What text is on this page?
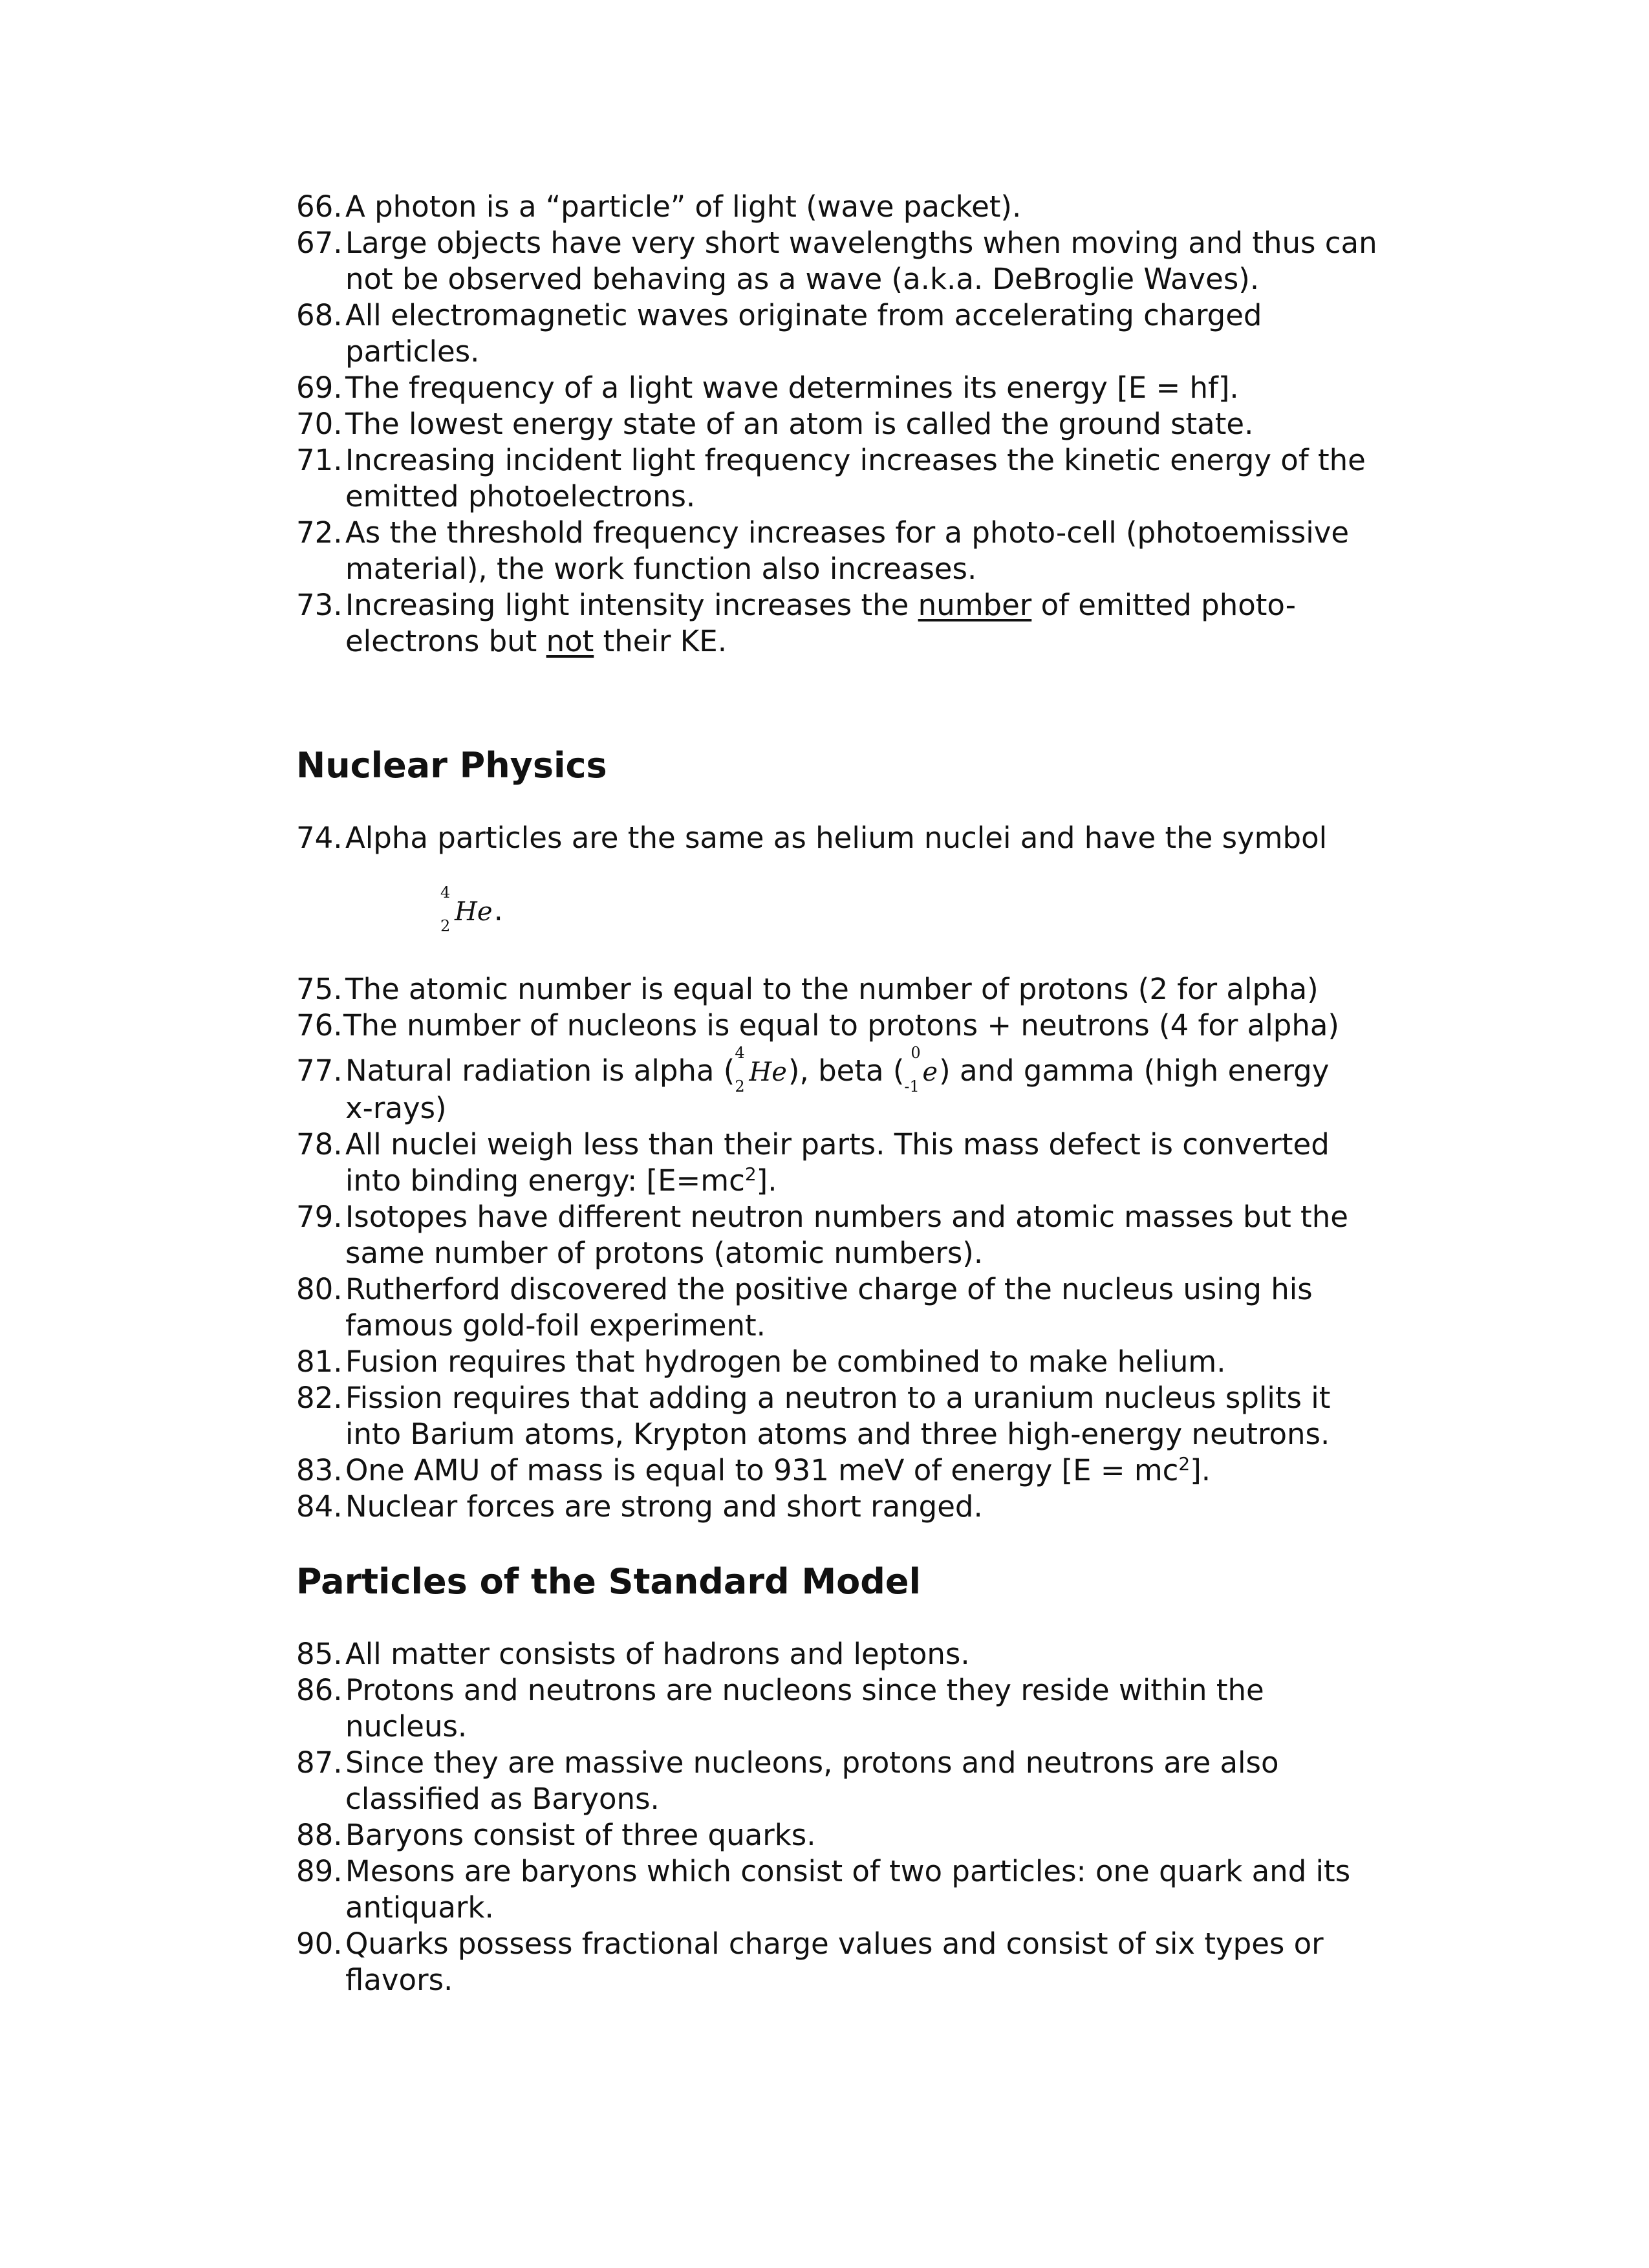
66. A photon is a “particle” of light (wave packet).
67. Large objects have very short wavelengths when moving and thus can
not be observed behaving as a wave (a.k.a. DeBroglie Waves).
68. All electromagnetic waves originate from accelerating charged
particles.
69. The frequency of a light wave determines its energy [E = hf].
70. The lowest energy state of an atom is called the ground state.
71. Increasing incident light frequency increases the kinetic energy of the
emitted photoelectrons.
72. As the threshold frequency increases for a photo-cell (photoemissive
material), the work function also increases.
73. Increasing light intensity increases the number of emitted photo-
electrons but not their KE.
Nuclear Physics
74. Alpha particles are the same as helium nuclei and have the symbol

4
2 He.

75. The atomic number is equal to the number of protons (2 for alpha)
76. The number of nucleons is equal to protons + neutrons (4 for alpha)
77. Natural radiation is alpha (
4
2 He), beta (
0
-1 e) and gamma (high energy
x-rays)
78. All nuclei weigh less than their parts. This mass defect is converted
into binding energy: $[E=mc^2]$.
79. Isotopes have different neutron numbers and atomic masses but the
same number of protons (atomic numbers).
80. Rutherford discovered the positive charge of the nucleus using his
famous gold-foil experiment.
81. Fusion requires that hydrogen be combined to make helium.
82. Fission requires that adding a neutron to a uranium nucleus splits it
into Barium atoms, Krypton atoms and three high-energy neutrons.
83. One AMU of mass is equal to 931 meV of energy $[E = mc^2]$.
84. Nuclear forces are strong and short ranged.
Particles of the Standard Model
85. All matter consists of hadrons and leptons.
86. Protons and neutrons are nucleons since they reside within the
nucleus.
87. Since they are massive nucleons, protons and neutrons are also
classified as Baryons.
88. Baryons consist of three quarks.
89. Mesons are baryons which consist of two particles: one quark and its
antiquark.
90. Quarks possess fractional charge values and consist of six types or
flavors.
